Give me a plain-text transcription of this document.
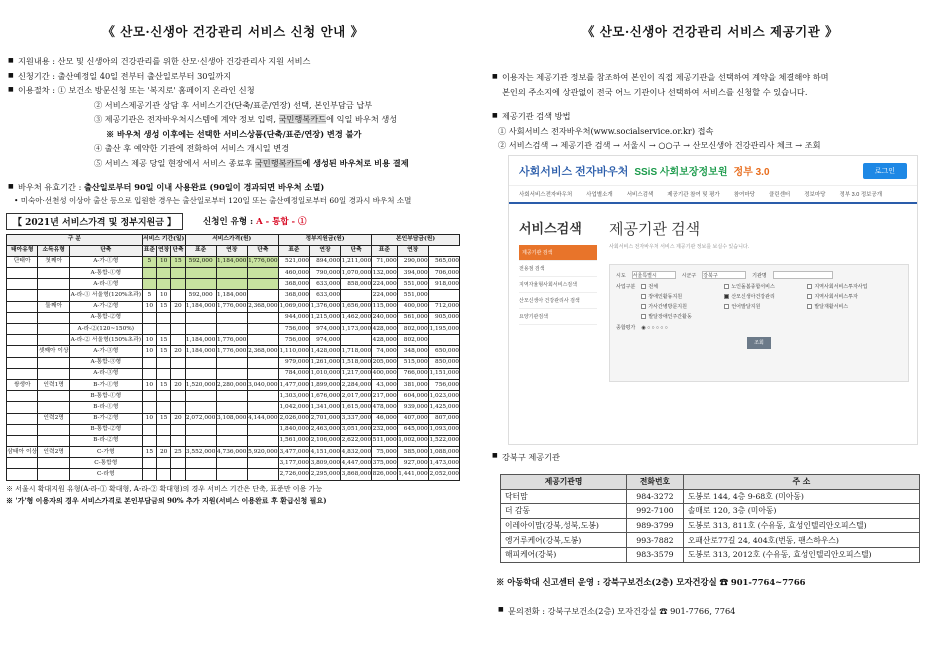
《 산모·신생아 건강관리 서비스 신청 안내 》
■ 지원내용 : 산모 및 신생아의 건강관리를 위한 산모·신생아 건강관리사 지원 서비스
■ 신청기간 : 출산예정일 40일 전부터 출산일로부터 30일까지
■ 이용절차 : ① 보건소 방문신청 또는 '복지로' 홈페이지 온라인 신청
② 서비스제공기관 상담 후 서비스기간(단축/표준/연장) 선택, 본인부담금 납부
③ 제공기관은 전자바우처시스템에 계약 정보 입력, 국민행복카드에 익일 바우처 생성
※ 바우처 생성 이후에는 선택한 서비스상품(단축/표준/연장) 변경 불가
④ 출산 후 예약한 기관에 전화하여 서비스 개시일 변경
⑤ 서비스 제공 당일 현장에서 서비스 종료후 국민행복카드에 생성된 바우처로 비용 결제
■ 바우처 유효기간 : 출산일로부터 90일 이내 사용완료 (90일이 경과되면 바우처 소멸)
• 미숙아·선천성 이상아 출산 등으로 입원한 경우는 출산일로부터 120일 또는 출산예정일로부터 60일 경과시 바우처 소멸
【 2021년 서비스가격 및 정부지원금 】	신청인 유형 : A - 통합 - ①
구 분			서비스 기간(일)			서비스가격(원)			정부지원금(원)			본인부담금(원)		
태아유형	소득유형	단축	표준	연장	단축	표준	연장	단축	표준	연장	단축	표준	연장	
단태아	첫째아	A-가-①형	5	10	15	592,000	1,184,000	1,776,000	521,000	894,000	1,211,000	71,000	290,000	565,000
		A-통합-①형							460,000	790,000	1,070,000	132,000	394,000	706,000
		A-라-①형							368,000	633,000	858,000	224,000	551,000	918,000
		A-라-① 서울형(120%초과)	5	10		592,000	1,184,000		368,000	633,000		224,000	551,000	
	둘째아	A-가-②형	10	15	20	1,184,000	1,776,000	2,368,000	1,069,000	1,376,000	1,656,000	115,000	400,000	712,000
		A-통합-②형							944,000	1,215,000	1,462,000	240,000	561,000	905,000
		A-라-②(120~150%)							756,000	974,000	1,173,000	428,000	802,000	1,195,000
		A-라-② 서울형(150%초과)	10	15		1,184,000	1,776,000		756,000	974,000		428,000	802,000	
	셋째아 이상	A-가-③형	10	15	20	1,184,000	1,776,000	2,368,000	1,110,000	1,428,000	1,718,000	74,000	348,000	650,000
		A-통합-③형							979,000	1,261,000	1,518,000	205,000	515,000	850,000
		A-라-③형							784,000	1,010,000	1,217,000	400,000	766,000	1,151,000
쌍생아	인력1명	B-가-①형	10	15	20	1,520,000	2,280,000	3,040,000	1,477,000	1,899,000	2,284,000	43,000	381,000	756,000
		B-통합-①형							1,303,000	1,676,000	2,017,000	217,000	604,000	1,023,000
		B-라-①형							1,042,000	1,341,000	1,615,000	478,000	939,000	1,425,000
	인력2명	B-가-②형	10	15	20	2,072,000	3,108,000	4,144,000	2,026,000	2,701,000	3,337,000	46,000	407,000	807,000
		B-통합-②형							1,840,000	2,463,000	3,051,000	232,000	645,000	1,093,000
		B-라-②형							1,561,000	2,106,000	2,622,000	511,000	1,002,000	1,522,000
삼태아 이상	인력2명	C-가형	15	20	25	3,552,000	4,736,000	5,920,000	3,477,000	4,151,000	4,832,000	75,000	585,000	1,088,000
		C-통합형							3,177,000	3,809,000	4,447,000	375,000	927,000	1,473,000
		C-라형							2,726,000	2,295,000	3,868,000	826,000	1,441,000	2,052,000
※ 서울시 확대지원 유형(A-라-① 확대형, A-라-② 확대형)의 경우 서비스 기간은 단축, 표준만 이용 가능
※ '가'형 이용자의 경우 서비스가격로 본인부담금의 90% 추가 지원(서비스 이용완료 후 환급신청 필요)
《 산모·신생아 건강관리 서비스 제공기관 》
■ 이용자는 제공기관 정보를 참조하여 본인이 직접 제공기관을 선택하여 계약을 체결해야 하며
본인의 주소지에 상관없이 전국 어느 기관이나 선택하여 서비스를 신청할 수 있습니다.
■ 제공기관 검색 방법
① 사회서비스 전자바우처(www.socialservice.or.kr) 접속
② 서비스검색 → 제공기관 검색 → 서울시 → ○○구 → 산모신생아 건강관리사 체크 → 조회
사회서비스 전자바우처 SSiS 사회보장정보원 정부 3.0	로그인
사회서비스전자바우처	사업별소개	서비스검색	제공기관 참여 및 평가	참여마당	클린센터	정보마당	정부 3.0 정보공개
서비스검색
제공기관 검색
전용점 검색
지역자율형사회서비스검색
산모신생아 건강관리사 검색
요양기관검색
제공기관 검색
사회서비스 전자바우처 서비스 제공기관 정보를 보실수 있습니다.
시도 서울특별시	시군구 강북구	기관명
사업구분	전체	노인돌봄종합서비스	지역사회서비스투자사업
장애인활동지원	산모신생아건강관리	지역사회서비스투자
가사간병방문지원	언어발달지원	발달재활서비스
발달장애인주간활동
종합평가 ◉ ○ ○ ○ ○ ○
조회
■ 강북구 제공기관
제공기관명	전화번호	주 소
닥터맘	984-3272	도봉로 144, 4층 9-68호 (미아동)
더 감동	992-7100	솔매로 120, 3층 (미아동)
이레아이맘(강북,성북,도봉)	989-3799	도봉로 313, 811호 (수유동, 효성인텔리안오피스텔)
엥거루케어(강북,도봉)	993-7882	오패산로77길 24, 404호(번동, 팬스하우스)
해피케어(강북)	983-3579	도봉로 313, 2012호 (수유동, 효성인텔리안오피스텔)
※ 아동학대 신고센터 운영 : 강북구보건소(2층) 모자건강실 ☎ 901-7764~7766
■ 문의전화 : 강북구보건소(2층) 모자건강실 ☎ 901-7766, 7764
